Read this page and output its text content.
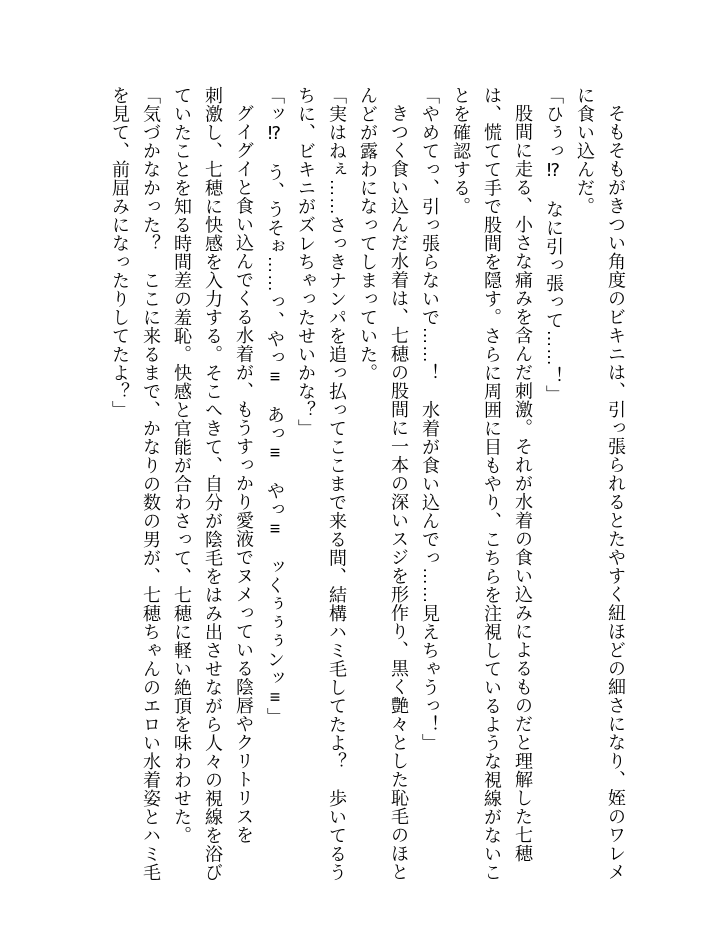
そもそもがきつい角度のビキニは、引っ張られるとたやすく紐ほどの細さになり、姪のワレメ
に食い込んだ。
「ひぅっ⁉　なに引っ張って……！」
股間に走る、小さな痛みを含んだ刺激。それが水着の食い込みによるものだと理解した七穂
は、慌てて手で股間を隠す。さらに周囲に目もやり、こちらを注視しているような視線がないこ
とを確認する。
「やめてっ、引っ張らないで……！　水着が食い込んでっ……見えちゃうっ！」
きつく食い込んだ水着は、七穂の股間に一本の深いスジを形作り、黒く艶々とした恥毛のほと
んどが露わになってしまっていた。
「実はねぇ……さっきナンパを追っ払ってここまで来る間、結構ハミ毛してたよ？　歩いてるう
ちに、ビキニがズレちゃったせいかな？」
「ッ⁉　う、うそぉ……っ、やっ≡　あっ≡　やっ≡　ッくぅぅぅンッ≡」
グイグイと食い込んでくる水着が、もうすっかり愛液でヌメっている陰唇やクリトリスを
刺激し、七穂に快感を入力する。そこへきて、自分が陰毛をはみ出させながら人々の視線を浴び
ていたことを知る時間差の羞恥。快感と官能が合わさって、七穂に軽い絶頂を味わわせた。
「気づかなかった？　ここに来るまで、かなりの数の男が、七穂ちゃんのエロい水着姿とハミ毛
を見て、前屈みになったりしてたよ？」
